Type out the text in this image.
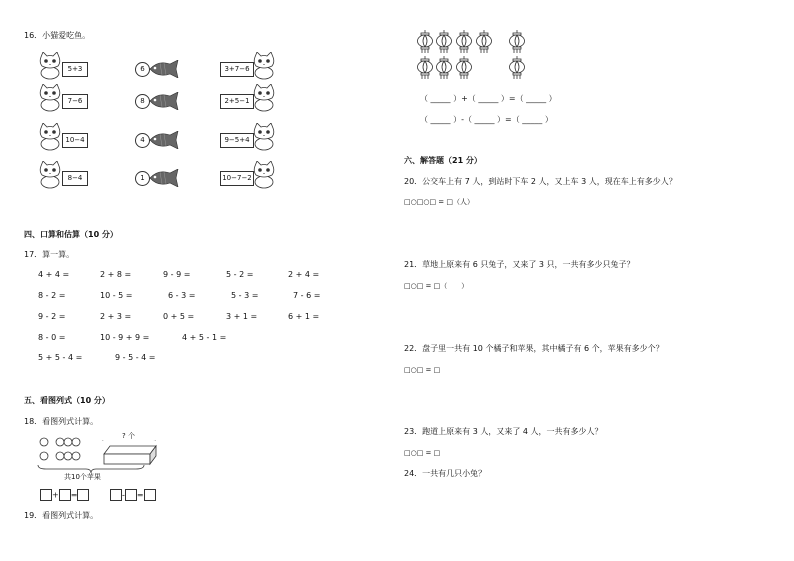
16．小猫爱吃鱼。
5+3	6	3+7−6
7−6	8	2+5−1
10−4	4	9−5+4
8−4	1	10−7−2
四、口算和估算（10 分）
17．算一算。
4 + 4 =	2 + 8 =	9 - 9 =	5 - 2 =	2 + 4 =
8 - 2 =	10 - 5 =	6 - 3 =	5 - 3 =	7 - 6 =
9 - 2 =	2 + 3 =	0 + 5 =	3 + 1 =	6 + 1 =
8 - 0 =	10 - 9 + 9 =	4 + 5 - 1 =
5 + 5 - 4 =	9 - 5 - 4 =
五、看图列式（10 分）
18．看图列式计算。
? 个
共10个苹果
+ =	- =
19．看图列式计算。
（ _____ ）+（ _____ ）=（ _____ ）
（ _____ ）-（ _____ ）=（ _____ ）
六、解答题（21 分）
20．公交车上有 7 人，到站时下车 2 人，又上车 3 人，现在车上有多少人？
□○□○□ = □（人）
21．草地上原来有 6 只兔子，又来了 3 只，一共有多少只兔子？
□○□ = □（　　）
22．盘子里一共有 10 个橘子和苹果，其中橘子有 6 个，苹果有多少个？
□○□ = □
23．跑道上原来有 3 人，又来了 4 人，一共有多少人？
□○□ = □
24．一共有几只小兔？
